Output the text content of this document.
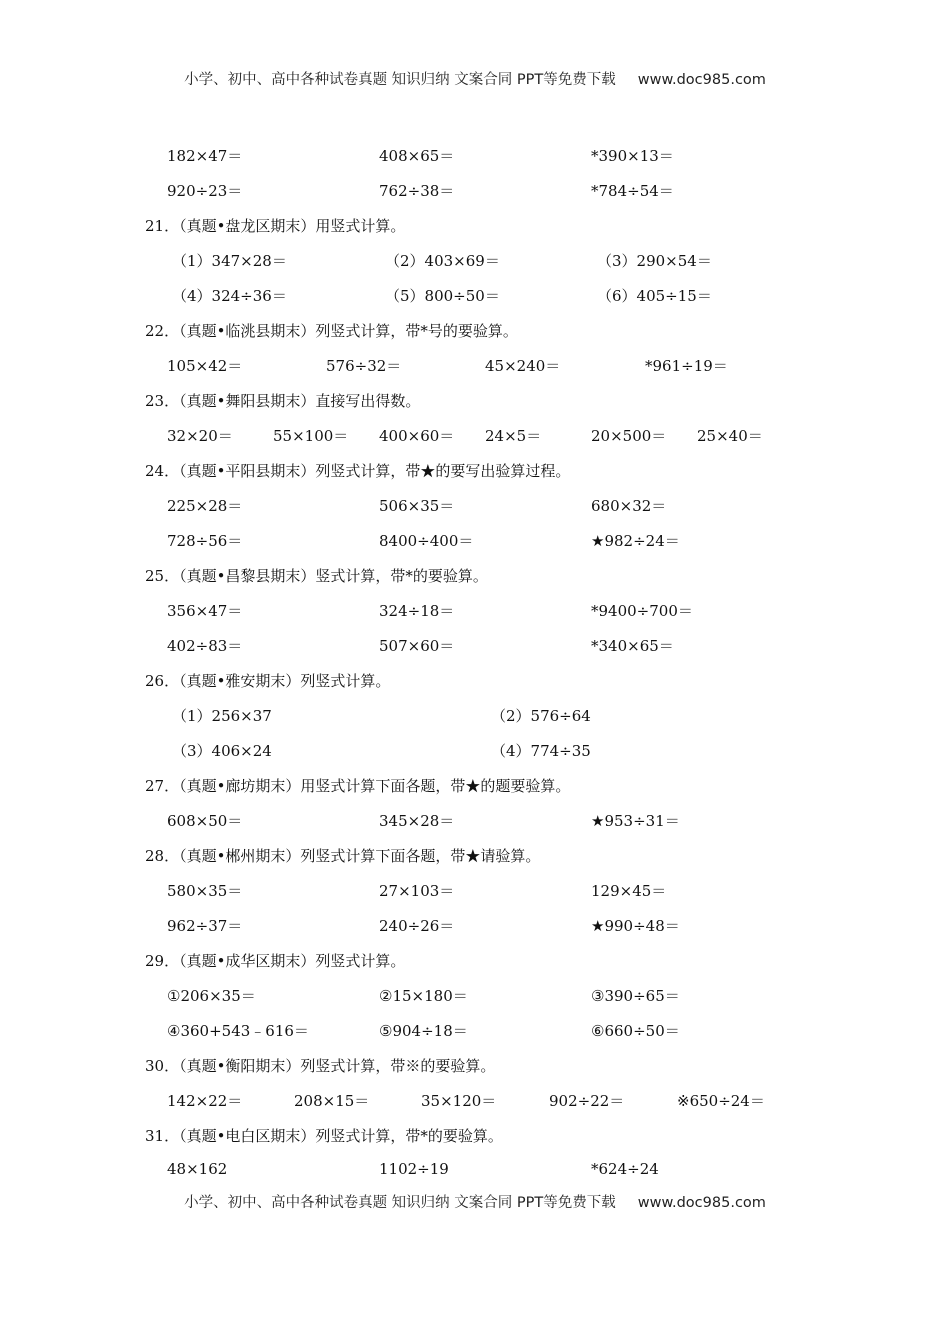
小学、初中、高中各种试卷真题 知识归纳 文案合同 PPT等免费下载 www.doc985.com
182×47＝	408×65＝	*390×13＝
920÷23＝	762÷38＝	*784÷54＝
21．（真题•盘龙区期末）用竖式计算。
（1）347×28＝	（2）403×69＝	（3）290×54＝
（4）324÷36＝	（5）800÷50＝	（6）405÷15＝
22．（真题•临洮县期末）列竖式计算，带*号的要验算。
105×42＝	576÷32＝	45×240＝	*961÷19＝
23．（真题•舞阳县期末）直接写出得数。
32×20＝	55×100＝ 400×60＝ 24×5＝	20×500＝ 25×40＝
24．（真题•平阳县期末）列竖式计算，带★的要写出验算过程。
225×28＝	506×35＝	680×32＝
728÷56＝	8400÷400＝	★982÷24＝
25．（真题•昌黎县期末）竖式计算，带*的要验算。
356×47＝	324÷18＝	*9400÷700＝
402÷83＝	507×60＝	*340×65＝
26．（真题•雅安期末）列竖式计算。
（1）256×37	（2）576÷64
（3）406×24	（4）774÷35
27．（真题•廊坊期末）用竖式计算下面各题，带★的题要验算。
608×50＝	345×28＝	★953÷31＝
28．（真题•郴州期末）列竖式计算下面各题，带★请验算。
580×35＝	27×103＝	129×45＝
962÷37＝	240÷26＝	★990÷48＝
29．（真题•成华区期末）列竖式计算。
①206×35＝	②15×180＝	③390÷65＝
④360+543﹣616＝	⑤904÷18＝	⑥660÷50＝
30．（真题•衡阳期末）列竖式计算，带※的要验算。
142×22＝	208×15＝	35×120＝	902÷22＝	※650÷24＝
31．（真题•电白区期末）列竖式计算，带*的要验算。
48×162	1102÷19	*624÷24
小学、初中、高中各种试卷真题 知识归纳 文案合同 PPT等免费下载 www.doc985.com
